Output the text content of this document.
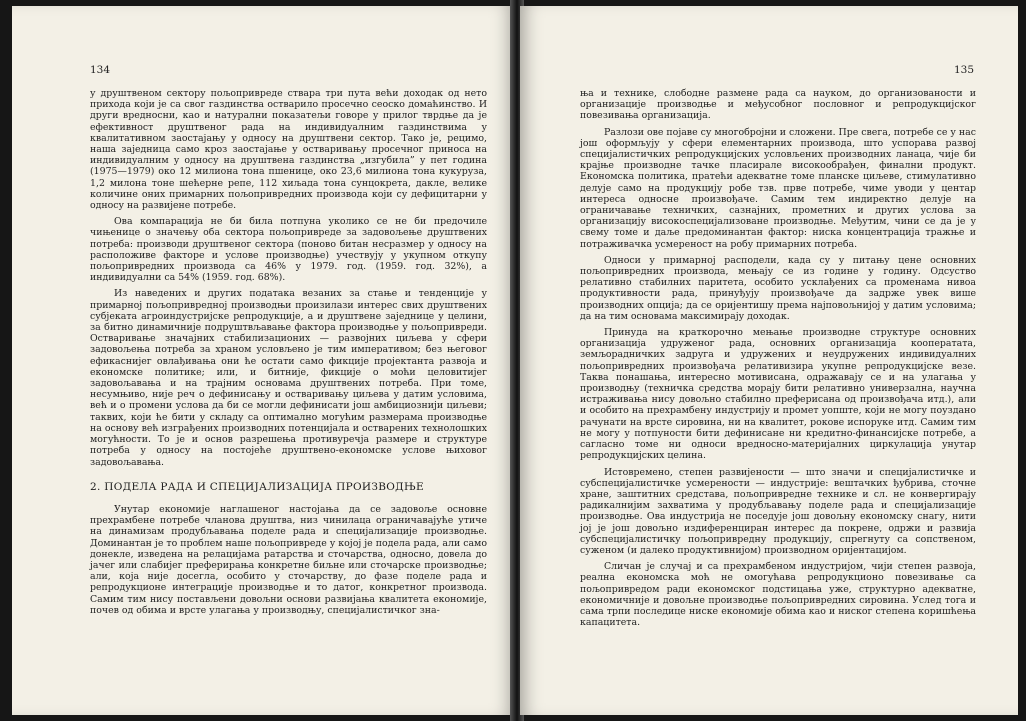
134

у друштвеном сектору пољопривреде ствара три пута већи доходак од нето прихода који је са свог газдинства остварило просечно сеоско домаћинство. И други вредносни, као и натурални показатељи говоре у прилог тврдње да је ефективност друштвеног рада на индивидуалним газдинствима у квалитативном заостајању у односу на друштвени сектор. Тако је, рецимо, наша заједница само кроз заостајање у остваривању просечног приноса на индивидуалним у односу на друштвена газдинства „изгубила” у пет година (1975—1979) око 12 милиона тона пшенице, око 23,6 милиона тона кукуруза, 1,2 милона тоне шећерне репе, 112 хиљада тона сунцокрета, дакле, велике количине оних примарних пољопривредних производа који су дефицитарни у односу на развијене потребе.

Ова компарација не би била потпуна уколико се не би предочиле чињенице о значењу оба сектора пољопривреде за задовољење друштвених потреба: производи друштвеног сектора (поново битан несразмер у односу на расположиве факторе и услове производње) учествују у укупном откупу пољопривредних производа са 46% у 1979. год. (1959. год. 32%), а индивидуални са 54% (1959. год. 68%).

Из наведених и других података везаних за стање и тенденције у примарној пољопривредној производњи произилази интерес свих друштвених субјеката агроиндустријске репродукције, а и друштвене заједнице у целини, за битно динамичније подруштвљавање фактора производње у пољопривреди. Остваривање значајних стабилизационих — развојних циљева у сфери задовољења потреба за храном условљено је тим императивом; без његовог ефикаснијег овлађивања они ће остати само фикције пројектанта развоја и економске политике; или, и битније, фикције о моћи целовитијег задовољавања и на трајним основама друштвених потреба. При томе, несумњиво, није реч о дефинисању и остваривању циљева у датим условима, већ и о промени услова да би се могли дефинисати још амбициознији циљеви; таквих, који ће бити у складу са оптимално могућим размерама производње на основу већ изграђених производних потенцијала и остварених технолошких могућности. То је и основ разрешења противуречја размере и структуре потреба у односу на постојеће друштвено-економске услове њиховог задовољавања.

2. ПОДЕЛА РАДА И СПЕЦИЈАЛИЗАЦИЈА ПРОИЗВОДЊЕ

Унутар економије наглашеног настојања да се задовоље основне прехрамбене потребе чланова друштва, низ чинилаца ограничавајуће утиче на динамизам продубљавања поделе рада и специјализације производње. Доминантан је то проблем наше пољопривреде у којој је подела рада, али само донекле, изведена на релацијама ратарства и сточарства, односно, довела до јачег или слабијег преферирања конкретне биљне или сточарске производње; али, која није досегла, особито у сточарству, до фазе поделе рада и репродукционе интеграције производње и то датог, конкретног производа. Самим тим нису постављени довољни основи развијања квалитета економије, почев од обима и врсте улагања у производњу, специјалистичког зна-

135

ња и технике, слободне размене рада са науком, до организованости и организације производње и међусобног пословног и репродукцијског повезивања организација.

Разлози ове појаве су многобројни и сложени. Пре свега, потребе се у нас још оформљују у сфери елементарних производа, што успорава развој специјалистичких репродукцијских условљених производних ланаца, чије би крајње производне тачке пласирале високообрађен, финални продукт. Економска политика, пратећи адекватне томе планске циљеве, стимулативно делује само на продукцију робе тзв. прве потребе, чиме уводи у центар интереса односне произвођаче. Самим тем индиректно делује на ограничавање техничких, сазнајних, прометних и других услова за организацију високоспецијализоване производње. Међутим, чини се да је у свему томе и даље предоминантан фактор: ниска концентрација тражње и потраживачка усмереност на робу примарних потреба.

Односи у примарној расподели, када су у питању цене основних пољопривредних производа, мењају се из године у годину. Одсуство релативно стабилних паритета, особито усклађених са променама нивоа продуктивности рада, принуђују произвођаче да задрже увек више производних опција; да се оријентишу према најповољнијој у датим условима; да на тим основама максимирају доходак.

Принуда на краткорочно мењање производне структуре основних организација удруженог рада, основних организација кооператата, земљорадничких задруга и удружених и неудружених индивидуалних пољопривредних произвођача релативизира укупне репродукцијске везе. Таква понашања, интересно мотивисана, одражавају се и на улагања у производњу (техничка средства морају бити релативно универзална, научна истраживања нису довољно стабилно преферисана од произвођача итд.), али и особито на прехрамбену индустрију и промет уопште, који не могу поуздано рачунати на врсте сировина, ни на квалитет, рокове испоруке итд. Самим тим не могу у потпуности бити дефинисане ни кредитно-финансијске потребе, а сагласно томе ни односи вредносно-материјалних циркулација унутар репродукцијских целина.

Истовремено, степен развијености — што значи и специјалистичке и субспецијалистичке усмерености — индустрије: вештачких ђубрива, сточне хране, заштитних средстава, пољопривредне технике и сл. не конвергирају радикалнијим захватима у продубљавању поделе рада и специјализације производње. Ова индустрија не поседује још довољну економску снагу, нити јој је још довољно издиференциран интерес да покрене, одржи и развија субспецијалистичку пољопривредну продукцију, спрегнуту са сопственом, суженом (и далеко продуктивнијом) производном оријентацијом.

Сличан је случај и са прехрамбеном индустријом, чији степен развоја, реална економска моћ не омогућава репродукционо повезивање са пољопривредом ради економског подстицања уже, структурно адекватне, економичније и довољне производње пољопривредних сировина. Услед тога и сама трпи последице ниске економије обима као и ниског степена коришћења капацитета.
